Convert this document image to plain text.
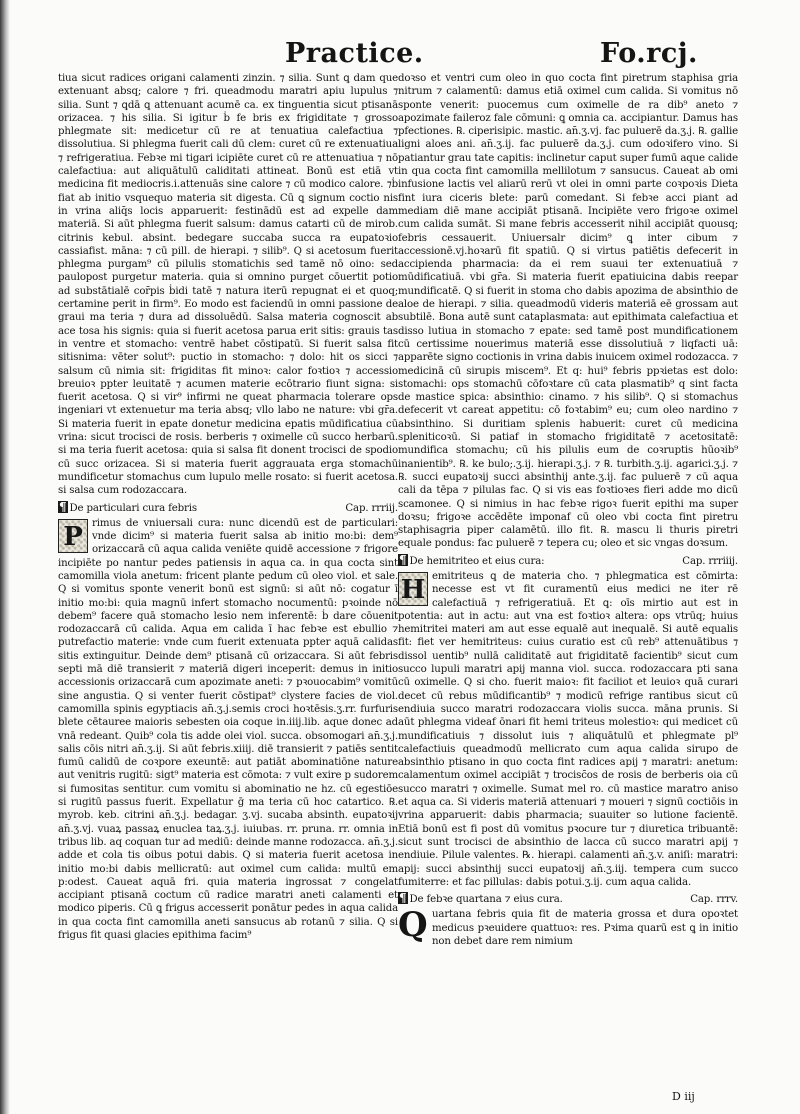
Practice.	Fo.rcj.

tiua sicut radices origani calamenti zinzin. ⁊ silia. Sunt ꝗ dam que extenuant absq; calore ⁊ fri. queadmodu maratri apiu lupulus ⁊ silia. Sunt ⁊ ꝗdā ꝗ attenuant acumē ca. ex tinguentia sicut ptisanā orizacea. ⁊ his silia. Si igitur ḃ fe bris ex frigiditate ⁊ grosso phlegmate sit: medicetur cū re at tenuatiua calefactiua ⁊ dissolutiua. Si phlegma fuerit cali dū clem: curet cū re extenuatiua ⁊ refrigeratiua. Febꝛe mi tigari icipiēte curet cū re attenuatiua ⁊ nō calefactiua: aut aliquātulū caliditati attineat. Bonū est etiā vt medicina fit mediocris.i.attenuās sine calore ⁊ cū modico calore. ⁊ḃ fiat ab initio vsquequo materia sit digesta. Cū ꝗ signum coctio nis in vrina aliq̄s locis apparuerit: festinādū est ad expelle dam materiā. Si aūt phlegma fuerit salsum: damus catarti cū de mirob. citrinis kebul. absint. bedegare succaba succa ra eupatoꝛio cassiafist. māna: ⁊ cū pill. de hierapi. ⁊ silib⁹. Q si acetosum fuerit phlegma purgam⁹ cū pilulis stomatichis sed tamē nō oino: sed paulopost purgetur materia. quia si omnino purget cōuertit potio ad substātialē cor̄pis ḃidi tatē ⁊ natura iterū repugnat ei et quoq; certamine perit in firm⁹. Eo modo est faciendū in omni passione de graui ma teria ⁊ dura ad dissoluēdū. Salsa materia cognoscit ab ace tosa his signis: quia si fuerit acetosa parua erit sitis: grauis tas in ventre et stomacho: ventrē habet cōstipatū. Si fuerit salsa fit sitisnima: vēter solut⁹: puctio in stomacho: ⁊ dolo: hit os sicci ⁊ salsum cū nimia sit: frigiditas fit minoꝛ: calor foꝛtioꝛ ⁊ accessio breuioꝛ ppter leuitatē ⁊ acumen materie ecōtrario fiunt signa: si fuerit acetosa. Q si vir⁹ infirmi ne queat pharmacia tolerare ops ingeniari vt extenuetur ma teria absq; vllo labo ne nature: vbi gr̄a. Si materia fuerit in epate donetur medicina epatis mūdificatiua cū vrina: sicut trocisci de rosis. berberis ⁊ oximelle cū succo herbarū. si ma teria fuerit acetosa: quia si salsa fit donent trocisci de spodio cū succ orizacea. Si si materia fuerit aggrauata erga stomachū mundificetur stomachus cum lupulo melle rosato: si fuerit acetosa. si salsa cum rodozaccara.

¶ De particulari cura febris	Cap. rrriij.

P rimus de vniuersali cura: nunc dicendū est de particulari: vnde dicim⁹ si materia fuerit salsa ab initio mo:bi: dem⁹ orizaccarā cū aqua calida veniēte quidē accessione ⁊ frigore incipiēte po nantur pedes patiensis in aqua ca. in qua cocta sint camomilla viola anetum: fricent plante pedum cū oleo viol. et sale. Q si vomitus sponte venerit bonū est signū: si aūt nō: cogatur ī initio mo:bi: quia magnū infert stomacho nocumentū: pꝛoinde nō debem⁹ facere quā stomacho lesio nem inferentē: ḃ dare cōuenit rodozaccarā cū calida. Aqua em calida ī hac febꝛe est ebullio ⁊ putrefactio materie: vnde cum fuerit extenuata ppter aquā calidas sitis extinguitur. Deinde dem⁹ ptisanā cū orizaccara. Si aūt febris septi mā diē transierit ⁊ materiā digeri inceperit: demus in initio accessionis orizaccarā cum apozimate aneti: ⁊ pꝛouocabim⁹ vomitū sine angustia. Q si venter fuerit cōstipat⁹ clystere facies de viol. camomilla spinis egyptiacis an̄.ʒ.j.semis croci hoꝛtēsis.ʒ.rr. furfuris blete cētauree maioris sebesten oia coque in.iiij.lib. aque donec ad vnā redeant. Quib⁹ cola tis adde olei viol. succa. obsomogari an̄.ʒ.j. salis cōis nitri an̄.ʒ.ij. Si aūt febris.xiiij. diē transierit ⁊ patiēs sentit fumū calidū de coꝛpore exeuntē: aut patiāt abominatiōne nature aut venitris rugitū: sigt⁹ materia est cōmota: ⁊ vult exire p sudorem si fumositas sentitur. cum vomitu si abominatio ne hz. cū egestiōe si rugitū passus fuerit. Expellatur ḡ ma teria cū hoc catartico. ℞. myrob. keb. citrini an̄.ʒ.j. bedagar. ʒ.vj. sucaba absinth. eupatoꝛij an̄.ʒ.vj. vuaꝝ passaꝝ enuclea taꝝ.ʒ.j. iuiubas. rr. pruna. rr. omnia in tribus lib. aq coquan tur ad mediū: deinde manne rodozacca. an̄.ʒ.j. adde et cola tis oibus potui dabis. Q si materia fuerit acetosa in initio mo:bi dabis mellicratū: aut oximel cum calida: multū em p:odest. Caueat aquā fri. quia materia ingrossat ⁊ congelat accipiant ptisanā coctum cū radice maratri aneti calamenti et modico piperis. Cū ꝗ frigus accesserit ponātur pedes in aqua calida in qua cocta fint camomilla aneti sansucus ab rotanū ⁊ silia. Q si frigus fit quasi glacies epithima facim⁹

doꝛso et ventri cum oleo in quo cocta fint piretrum staphisa gria nitrum ⁊ calamentū: damus etiā oximel cum calida. Si vomitus nō sponte venerit: puocemus cum oximelle de ra dib⁹ aneto ⁊ apozimate faileroz fale cōmuni: ꝗ omnia ca. accipiantur. Damus has pfectiones. ℞. ciperisipic. mastic. an̄.ʒ.vj. fac puluerē da.ʒ.j. ℞. gallie ligni aloes ani. an̄.ʒ.ij. fac puluerē da.ʒ.j. cum odoꝛifero vino. Si patiantur grau tate capitis: inclinetur caput super fumū aque calide in qua cocta fint camomilla mellilotum ⁊ sansucus. Caueat ab omi infusione lactis vel aliarū rerū vt olei in omni parte coꝛpoꝛis Dieta fint iura ciceris blete: parū comedant. Si febꝛe acci piant ad mediam diē mane accipiāt ptisanā. Incipiēte vero frigoꝛe oximel cum calida sumāt. Si mane febris accesserit nihil accipiāt quousq; febris cessauerit. Uniuersalr dicim⁹ ꝗ inter cibum ⁊ accessionē.vj.hoꝛarū fit spatiū. Q si virtus patiētis defecerit in accipienda pharmacia: da ei rem suaui ter extenuatiuā ⁊ mūdificatiuā. vbi gr̄a. Si materia fuerit epatiuicina dabis reepar mundificatē. Q si fuerit in stoma cho dabis apozima de absinthio de aloe de hierapi. ⁊ silia. queadmodū videris materiā eē grossam aut subtilē. Bona autē sunt cataplasmata: aut epithimata calefactiua et disso lutiua in stomacho ⁊ epate: sed tamē post mundificationem cū certissime nouerimus materiā esse dissolutiuā ⁊ liqfacti uā: apparēte signo coctionis in vrina dabis inuicem oximel rodozacca. ⁊ medicinā cū sirupis miscem⁹. Et q: hui⁹ febris ppꝛietas est dolo: stomachi: ops stomachū cōfoꝛtare cū cata plasmatib⁹ q sint facta de mastice spica: absinthio: cinamo. ⁊ his silib⁹. Q si stomachus defecerit vt careat appetitu: cō foꝛtabim⁹ eu; cum oleo nardino ⁊ absinthino. Si duritiam splenis habuerit: curet cū medicina spleniticoꝛū. Si patiaf in stomacho frigiditatē ⁊ acetositatē: mundifica stomachu; cū his pilulis eum de coꝛruptis hūoꝛib⁹ inanientib⁹. ℞. ke bulo;.ʒ.ij. hierapi.ʒ.j. ⁊ ℞. turbith.ʒ.ij. agarici.ʒ.j. ⁊ ℞. succi eupatoꝛij succi absinthij ante.ʒ.ij. fac puluerē ⁊ cū aqua cali da tēpa ⁊ pilulas fac. Q si vis eas foꝛtioꝛes fieri adde mo dicū scamonee. Q si nimius in hac febꝛe rigoꝛ fuerit epithi ma super doꝛsu; frigoꝛe accēdēte imponaf cū oleo vbi cocta fint piretru staphisagria piper calamētū. illo fit. ℞. mascu li thuris piretri equale pondus: fac puluerē ⁊ tepera cu; oleo et sic vngas doꝛsum.

¶ De hemitriteo et eius cura:	Cap. rrriiij.

H emitriteus ꝗ de materia cho. ⁊ phlegmatica est cōmirta: necesse est vt fit curamentū eius medici ne iter rē calefactiuā ⁊ refrigeratiuā. Et ꝗ: oīs mirtio aut est in potentia: aut in actu: aut vna est foꝛtioꝛ altera: ops vtrūq; huius hemitritei materi am aut esse equalē aut inequalē. Si autē equalis fit: fiet ver hemitriteus: cuius curatio est cū reb⁹ attenuātibus ⁊ dissol uentib⁹ nullā caliditatē aut frigiditatē facientib⁹ sicut cum succo lupuli maratri apij manna viol. succa. rodozaccara pti sana cū oximelle. Q si cho. fuerit maioꝛ: fit faciliot et leuioꝛ quā curari decet cū rebus mūdificantib⁹ ⁊ modicū refrige rantibus sicut cū endiuia succo maratri rodozaccara violis succa. māna prunis. Si aūt phlegma videaf ōnari fit hemi triteus molestioꝛ: qui medicet cū mundificatiuis ⁊ dissolut iuis ⁊ aliquātulū et phlegmate pl⁹ calefactiuis queadmodū mellicrato cum aqua calida sirupo de absinthio ptisano in quo cocta fint radices apij ⁊ maratri: anetum: calamentum oximel accipiāt ⁊ trocisc̄os de rosis de berberis oia cū succo maratri ⁊ oximelle. Sumat mel ro. cū mastice maratro aniso et aqua ca. Si videris materiā attenuari ⁊ moueri ⁊ signū coctiōis in vrina apparuerit: dabis pharmacia; suauiter so lutione facientē. Etiā bonū est fi post dū vomitus pꝛocure tur ⁊ diuretica tribuantē: sicut sunt trocisci de absinthio de lacca cū succo maratri apij ⁊ endiuie. Pilule valentes. ℞. hierapi. calamenti an̄.ʒ.v. aniſi: maratri: apij: succi absinthij succi eupatoꝛij an̄.ʒ.iij. tempera cum succo fumiterre: et fac pillulas: dabis potui.ʒ.ij. cum aqua calida.

¶ De febꝛe quartana ⁊ eius cura.	Cap. rrrv.

Quartana febris quia fit de materia grossa et dura opoꝛtet medicus pꝛeuidere quattuoꝛ: res. Pꝛima quarū est ꝗ in initio non debet dare rem nimium

D iij
